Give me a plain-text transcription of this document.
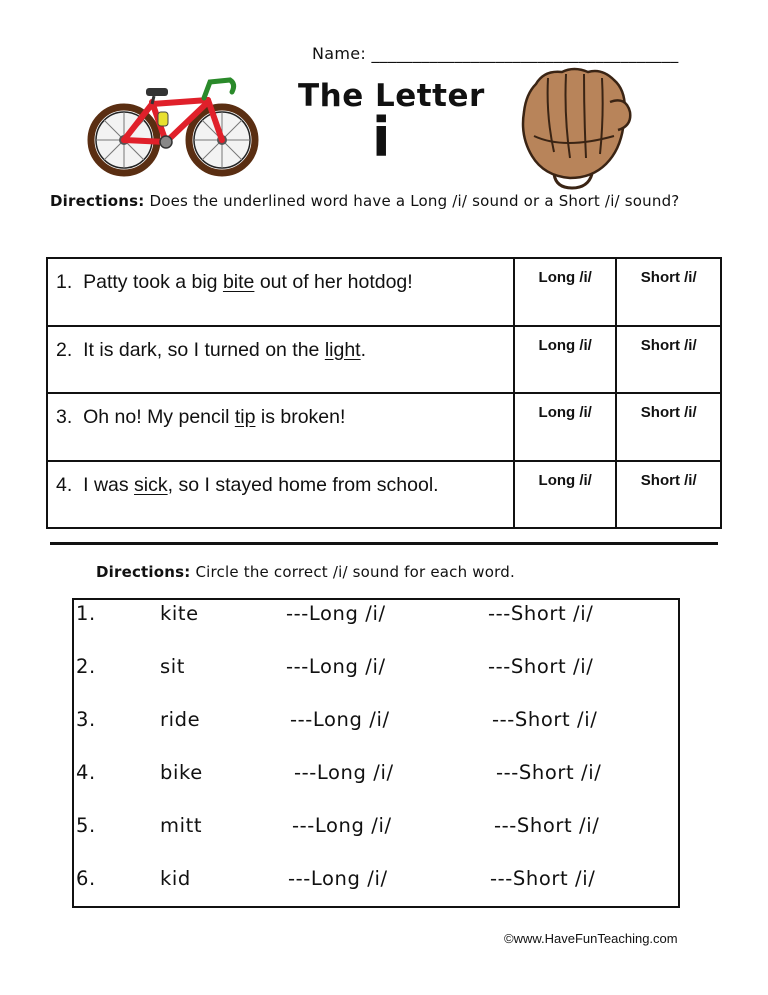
Name: _____________________________________
The Letter
i
Directions: Does the underlined word have a Long /i/ sound or a Short /i/ sound?
1. Patty took a big bite out of her hotdog!	Long /i/	Short /i/
2. It is dark, so I turned on the light.	Long /i/	Short /i/
3. Oh no! My pencil tip is broken!	Long /i/	Short /i/
4. I was sick, so I stayed home from school.	Long /i/	Short /i/
Directions: Circle the correct /i/ sound for each word.
1.	kite	---Long /i/	---Short /i/
2.	sit	---Long /i/	---Short /i/
3.	ride	---Long /i/	---Short /i/
4.	bike	---Long /i/	---Short /i/
5.	mitt	---Long /i/	---Short /i/
6.	kid	---Long /i/	---Short /i/
©www.HaveFunTeaching.com
